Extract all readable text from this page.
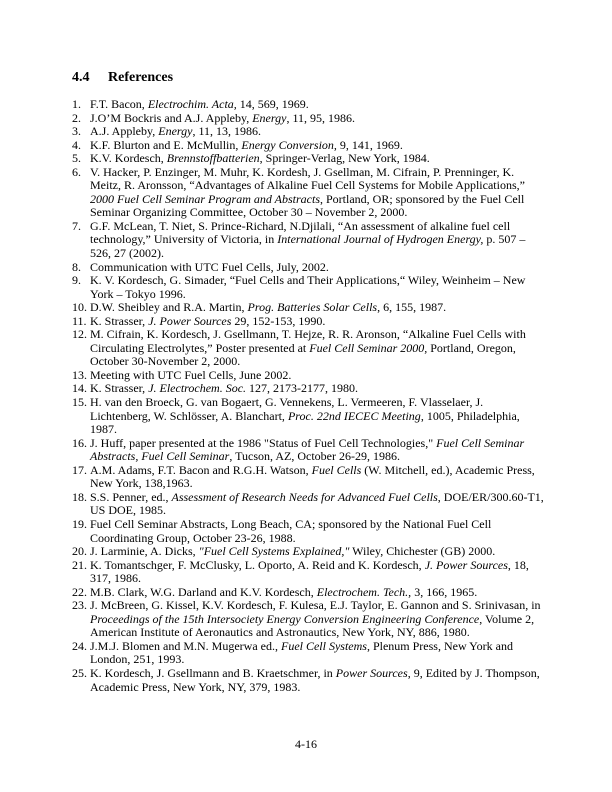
4.4 References
1. F.T. Bacon, Electrochim. Acta, 14, 569, 1969.
2. J.O’M Bockris and A.J. Appleby, Energy, 11, 95, 1986.
3. A.J. Appleby, Energy, 11, 13, 1986.
4. K.F. Blurton and E. McMullin, Energy Conversion, 9, 141, 1969.
5. K.V. Kordesch, Brennstoffbatterien, Springer-Verlag, New York, 1984.
6. V. Hacker, P. Enzinger, M. Muhr, K. Kordesh, J. Gsellman, M. Cifrain, P. Prenninger, K. Meitz, R. Aronsson, “Advantages of Alkaline Fuel Cell Systems for Mobile Applications,” 2000 Fuel Cell Seminar Program and Abstracts, Portland, OR; sponsored by the Fuel Cell Seminar Organizing Committee, October 30 – November 2, 2000.
7. G.F. McLean, T. Niet, S. Prince-Richard, N.Djilali, “An assessment of alkaline fuel cell technology,” University of Victoria, in International Journal of Hydrogen Energy, p. 507 – 526, 27 (2002).
8. Communication with UTC Fuel Cells, July, 2002.
9. K. V. Kordesch, G. Simader, “Fuel Cells and Their Applications,“ Wiley, Weinheim – New York – Tokyo 1996.
10. D.W. Sheibley and R.A. Martin, Prog. Batteries Solar Cells, 6, 155, 1987.
11. K. Strasser, J. Power Sources 29, 152-153, 1990.
12. M. Cifrain, K. Kordesch, J. Gsellmann, T. Hejze, R. R. Aronson, “Alkaline Fuel Cells with Circulating Electrolytes,” Poster presented at Fuel Cell Seminar 2000, Portland, Oregon, October 30-November 2, 2000.
13. Meeting with UTC Fuel Cells, June 2002.
14. K. Strasser, J. Electrochem. Soc. 127, 2173-2177, 1980.
15. H. van den Broeck, G. van Bogaert, G. Vennekens, L. Vermeeren, F. Vlasselaer, J. Lichtenberg, W. Schlösser, A. Blanchart, Proc. 22nd IECEC Meeting, 1005, Philadelphia, 1987.
16. J. Huff, paper presented at the 1986 "Status of Fuel Cell Technologies," Fuel Cell Seminar Abstracts, Fuel Cell Seminar, Tucson, AZ, October 26-29, 1986.
17. A.M. Adams, F.T. Bacon and R.G.H. Watson, Fuel Cells (W. Mitchell, ed.), Academic Press, New York, 138,1963.
18. S.S. Penner, ed., Assessment of Research Needs for Advanced Fuel Cells, DOE/ER/300.60-T1, US DOE, 1985.
19. Fuel Cell Seminar Abstracts, Long Beach, CA; sponsored by the National Fuel Cell Coordinating Group, October 23-26, 1988.
20. J. Larminie, A. Dicks, "Fuel Cell Systems Explained," Wiley, Chichester (GB) 2000.
21. K. Tomantschger, F. McClusky, L. Oporto, A. Reid and K. Kordesch, J. Power Sources, 18, 317, 1986.
22. M.B. Clark, W.G. Darland and K.V. Kordesch, Electrochem. Tech., 3, 166, 1965.
23. J. McBreen, G. Kissel, K.V. Kordesch, F. Kulesa, E.J. Taylor, E. Gannon and S. Srinivasan, in Proceedings of the 15th Intersociety Energy Conversion Engineering Conference, Volume 2, American Institute of Aeronautics and Astronautics, New York, NY, 886, 1980.
24. J.M.J. Blomen and M.N. Mugerwa ed., Fuel Cell Systems, Plenum Press, New York and London, 251, 1993.
25. K. Kordesch, J. Gsellmann and B. Kraetschmer, in Power Sources, 9, Edited by J. Thompson, Academic Press, New York, NY, 379, 1983.
4-16
